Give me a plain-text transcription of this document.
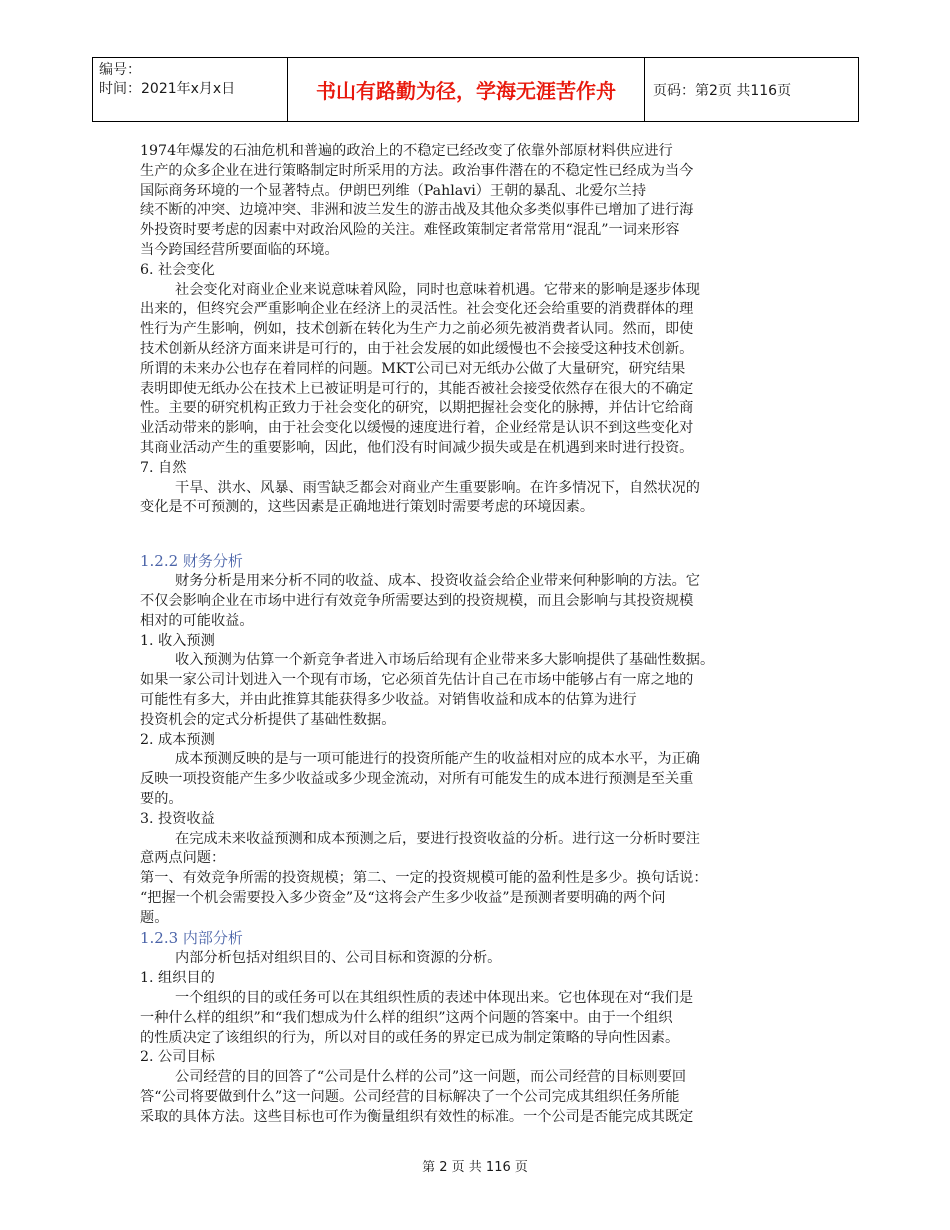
编号：
时间：2021年x月x日	书山有路勤为径，学海无涯苦作舟	页码：第2页 共116页
1974年爆发的石油危机和普遍的政治上的不稳定已经改变了依靠外部原材料供应进行
生产的众多企业在进行策略制定时所采用的方法。政治事件潜在的不稳定性已经成为当今
国际商务环境的一个显著特点。伊朗巴列维（Pahlavi）王朝的暴乱、北爱尔兰持
续不断的冲突、边境冲突、非洲和波兰发生的游击战及其他众多类似事件已增加了进行海
外投资时要考虑的因素中对政治风险的关注。难怪政策制定者常常用“混乱”一词来形容
当今跨国经营所要面临的环境。
6. 社会变化
社会变化对商业企业来说意味着风险，同时也意味着机遇。它带来的影响是逐步体现
出来的，但终究会严重影响企业在经济上的灵活性。社会变化还会给重要的消费群体的理
性行为产生影响，例如，技术创新在转化为生产力之前必须先被消费者认同。然而，即使
技术创新从经济方面来讲是可行的，由于社会发展的如此缓慢也不会接受这种技术创新。
所谓的未来办公也存在着同样的问题。MKT公司已对无纸办公做了大量研究，研究结果
表明即使无纸办公在技术上已被证明是可行的，其能否被社会接受依然存在很大的不确定
性。主要的研究机构正致力于社会变化的研究，以期把握社会变化的脉搏，并估计它给商
业活动带来的影响，由于社会变化以缓慢的速度进行着，企业经常是认识不到这些变化对
其商业活动产生的重要影响，因此，他们没有时间减少损失或是在机遇到来时进行投资。
7. 自然
干旱、洪水、风暴、雨雪缺乏都会对商业产生重要影响。在许多情况下，自然状况的
变化是不可预测的，这些因素是正确地进行策划时需要考虑的环境因素。
1.2.2 财务分析
财务分析是用来分析不同的收益、成本、投资收益会给企业带来何种影响的方法。它
不仅会影响企业在市场中进行有效竞争所需要达到的投资规模，而且会影响与其投资规模
相对的可能收益。
1. 收入预测
收入预测为估算一个新竞争者进入市场后给现有企业带来多大影响提供了基础性数据。
如果一家公司计划进入一个现有市场，它必须首先估计自己在市场中能够占有一席之地的
可能性有多大，并由此推算其能获得多少收益。对销售收益和成本的估算为进行
投资机会的定式分析提供了基础性数据。
2. 成本预测
成本预测反映的是与一项可能进行的投资所能产生的收益相对应的成本水平，为正确
反映一项投资能产生多少收益或多少现金流动，对所有可能发生的成本进行预测是至关重
要的。
3. 投资收益
在完成未来收益预测和成本预测之后，要进行投资收益的分析。进行这一分析时要注
意两点问题：
第一、有效竞争所需的投资规模；第二、一定的投资规模可能的盈利性是多少。换句话说：
“把握一个机会需要投入多少资金”及“这将会产生多少收益”是预测者要明确的两个问
题。
1.2.3 内部分析
内部分析包括对组织目的、公司目标和资源的分析。
1. 组织目的
一个组织的目的或任务可以在其组织性质的表述中体现出来。它也体现在对“我们是
一种什么样的组织”和“我们想成为什么样的组织”这两个问题的答案中。由于一个组织
的性质决定了该组织的行为，所以对目的或任务的界定已成为制定策略的导向性因素。
2. 公司目标
公司经营的目的回答了“公司是什么样的公司”这一问题，而公司经营的目标则要回
答“公司将要做到什么”这一问题。公司经营的目标解决了一个公司完成其组织任务所能
采取的具体方法。这些目标也可作为衡量组织有效性的标准。一个公司是否能完成其既定
第 2 页 共 116 页
